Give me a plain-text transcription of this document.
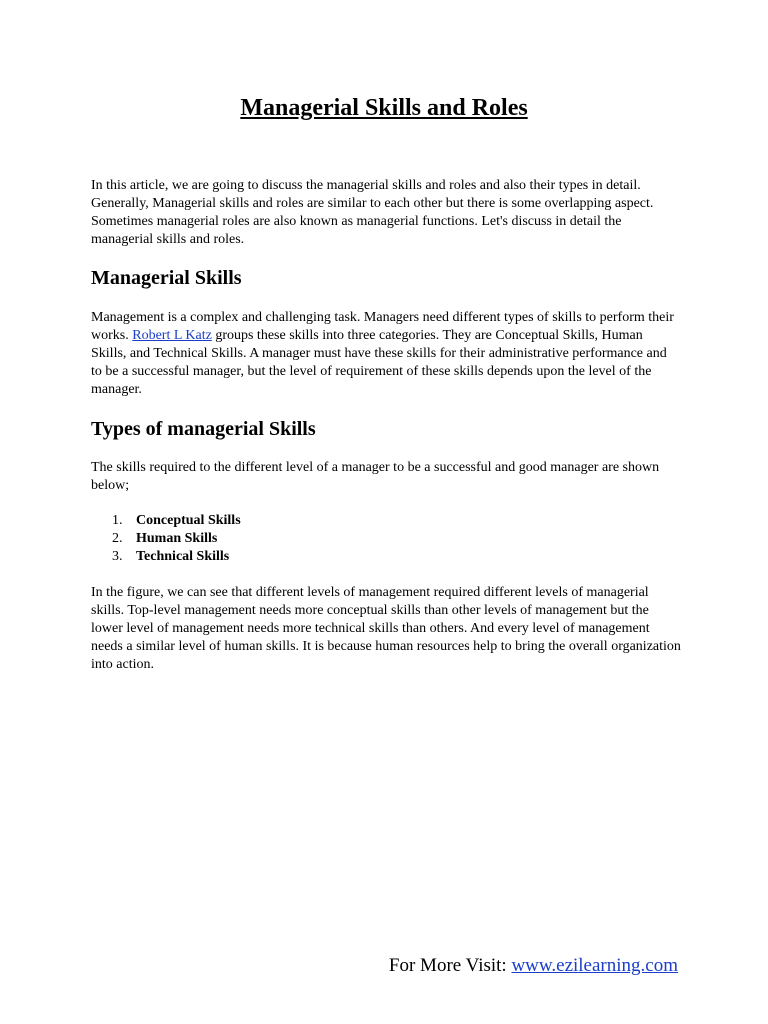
Managerial Skills and Roles

In this article, we are going to discuss the managerial skills and roles and also their types in detail. Generally, Managerial skills and roles are similar to each other but there is some overlapping aspect. Sometimes managerial roles are also known as managerial functions. Let's discuss in detail the managerial skills and roles.

Managerial Skills

Management is a complex and challenging task. Managers need different types of skills to perform their works. Robert L Katz groups these skills into three categories. They are Conceptual Skills, Human Skills, and Technical Skills. A manager must have these skills for their administrative performance and to be a successful manager, but the level of requirement of these skills depends upon the level of the manager.

Types of managerial Skills

The skills required to the different level of a manager to be a successful and good manager are shown below;

1. Conceptual Skills
2. Human Skills
3. Technical Skills

In the figure, we can see that different levels of management required different levels of managerial skills. Top-level management needs more conceptual skills than other levels of management but the lower level of management needs more technical skills than others. And every level of management needs a similar level of human skills. It is because human resources help to bring the overall organization into action.

For More Visit: www.ezilearning.com
